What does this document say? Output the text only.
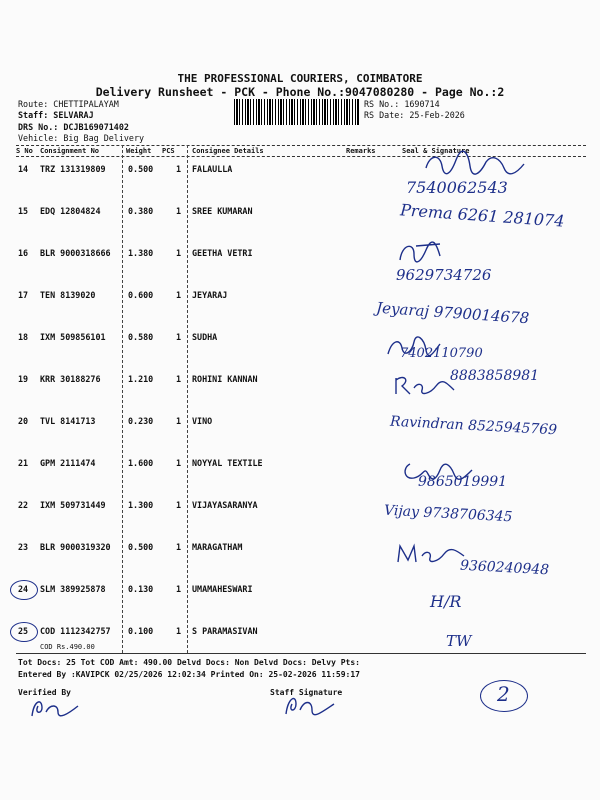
THE PROFESSIONAL COURIERS, COIMBATORE
Delivery Runsheet - PCK - Phone No.:9047080280 - Page No.:2
Route: CHETTIPALAYAM
Staff: SELVARAJ
DRS No.: DCJB169071402
Vehicle: Big Bag Delivery
RS No.: 1690714
RS Date: 25-Feb-2026
S No Consignment No	Weight PCS Consignee Details	Remarks	Seal & Signature
14 TRZ 131319809	0.500	1 FALAULLA
7540062543
15 EDQ 12804824	0.380	1 SREE KUMARAN	Prema 6261 281074
16 BLR 9000318666 1.380	1 GEETHA VETRI
9629734726
17 TEN 8139020	0.600	1 JEYARAJ
Jeyaraj 9790014678
18 IXM 509856101	0.580	1 SUDHA
7402110790
19 KRR 30188276	1.210	1 ROHINI KANNAN	8883858981
20 TVL 8141713	0.230	1 VINO	Ravindran 8525945769
21 GPM 2111474	1.600	1 NOYYAL TEXTILE
9865019991
22 IXM 509731449	1.300	1 VIJAYASARANYA	Vijay 9738706345
23 BLR 9000319320 0.500	1 MARAGATHAM
9360240948
24 SLM 389925878	0.130	1 UMAMAHESWARI
H/R
25 COD 1112342757 0.100	1 S PARAMASIVAN
TW
COD Rs.490.00
Tot Docs: 25 Tot COD Amt: 490.00 Delvd Docs: Non Delvd Docs: Delvy Pts:
Entered By :KAVIPCK 02/25/2026 12:02:34 Printed On: 25-02-2026 11:59:17
Verified By	Staff Signature	2
